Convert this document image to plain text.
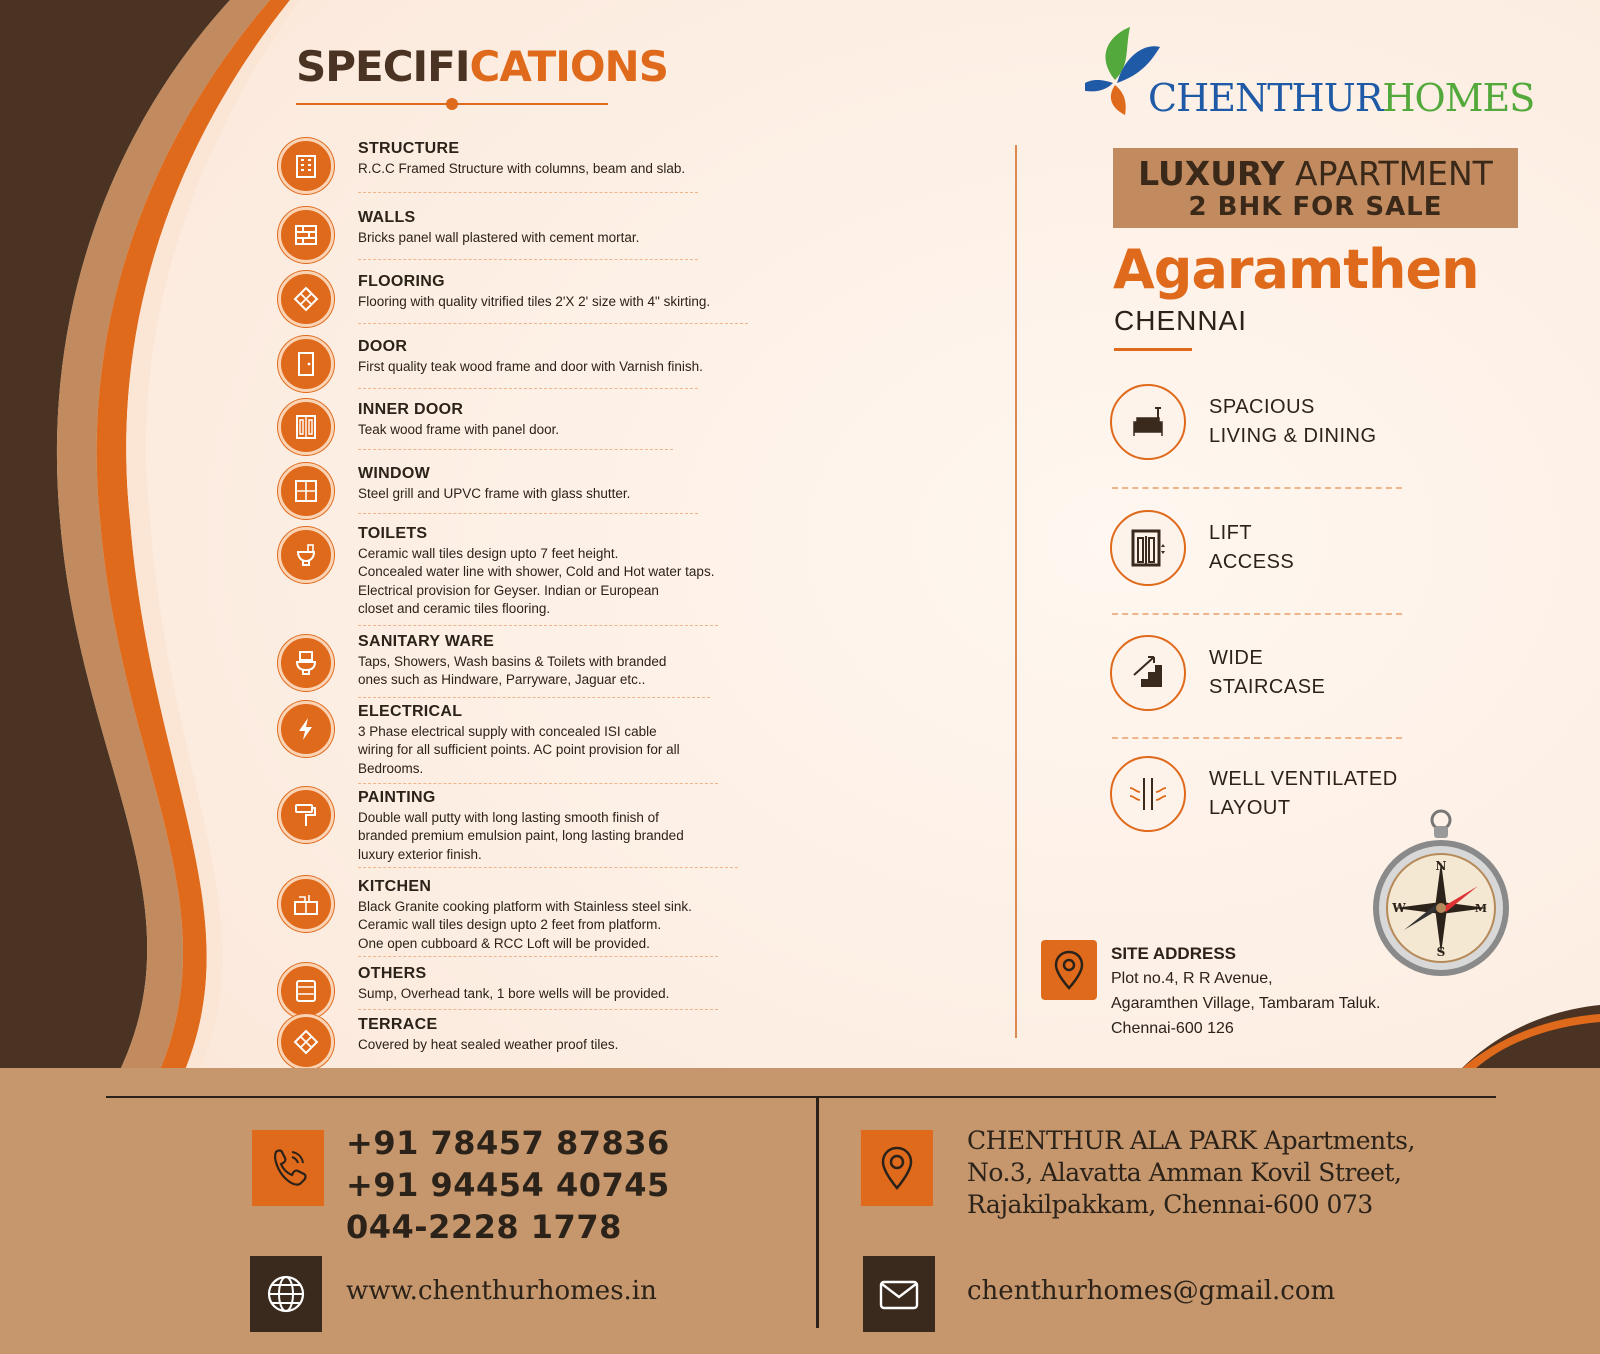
SPECIFICATIONS
STRUCTURE
R.C.C Framed Structure with columns, beam and slab.
WALLS
Bricks panel wall plastered with cement mortar.
FLOORING
Flooring with quality vitrified tiles 2'X 2' size with 4" skirting.
DOOR
First quality teak wood frame and door with Varnish finish.
INNER DOOR
Teak wood frame with panel door.
WINDOW
Steel grill and UPVC frame with glass shutter.
TOILETS
Ceramic wall tiles design upto 7 feet height.
Concealed water line with shower, Cold and Hot water taps.
Electrical provision for Geyser. Indian or European
closet and ceramic tiles flooring.
SANITARY WARE
Taps, Showers, Wash basins & Toilets with branded
ones such as Hindware, Parryware, Jaguar etc..
ELECTRICAL
3 Phase electrical supply with concealed ISI cable
wiring for all sufficient points. AC point provision for all
Bedrooms.
PAINTING
Double wall putty with long lasting smooth finish of
branded premium emulsion paint, long lasting branded
luxury exterior finish.
KITCHEN
Black Granite cooking platform with Stainless steel sink.
Ceramic wall tiles design upto 2 feet from platform.
One open cubboard & RCC Loft will be provided.
OTHERS
Sump, Overhead tank, 1 bore wells will be provided.
TERRACE
Covered by heat sealed weather proof tiles.
CHENTHURHOMES
LUXURY APARTMENT
2 BHK FOR SALE
Agaramthen
CHENNAI
SPACIOUS
LIVING & DINING
LIFT
ACCESS
WIDE
STAIRCASE
WELL VENTILATED
LAYOUT
N
S
W	M
SITE ADDRESS
Plot no.4, R R Avenue,
Agaramthen Village, Tambaram Taluk.
Chennai-600 126
+91 78457 87836
+91 94454 40745
044-2228 1778
CHENTHUR ALA PARK Apartments,
No.3, Alavatta Amman Kovil Street,
Rajakilpakkam, Chennai-600 073
www.chenthurhomes.in	chenthurhomes@gmail.com
